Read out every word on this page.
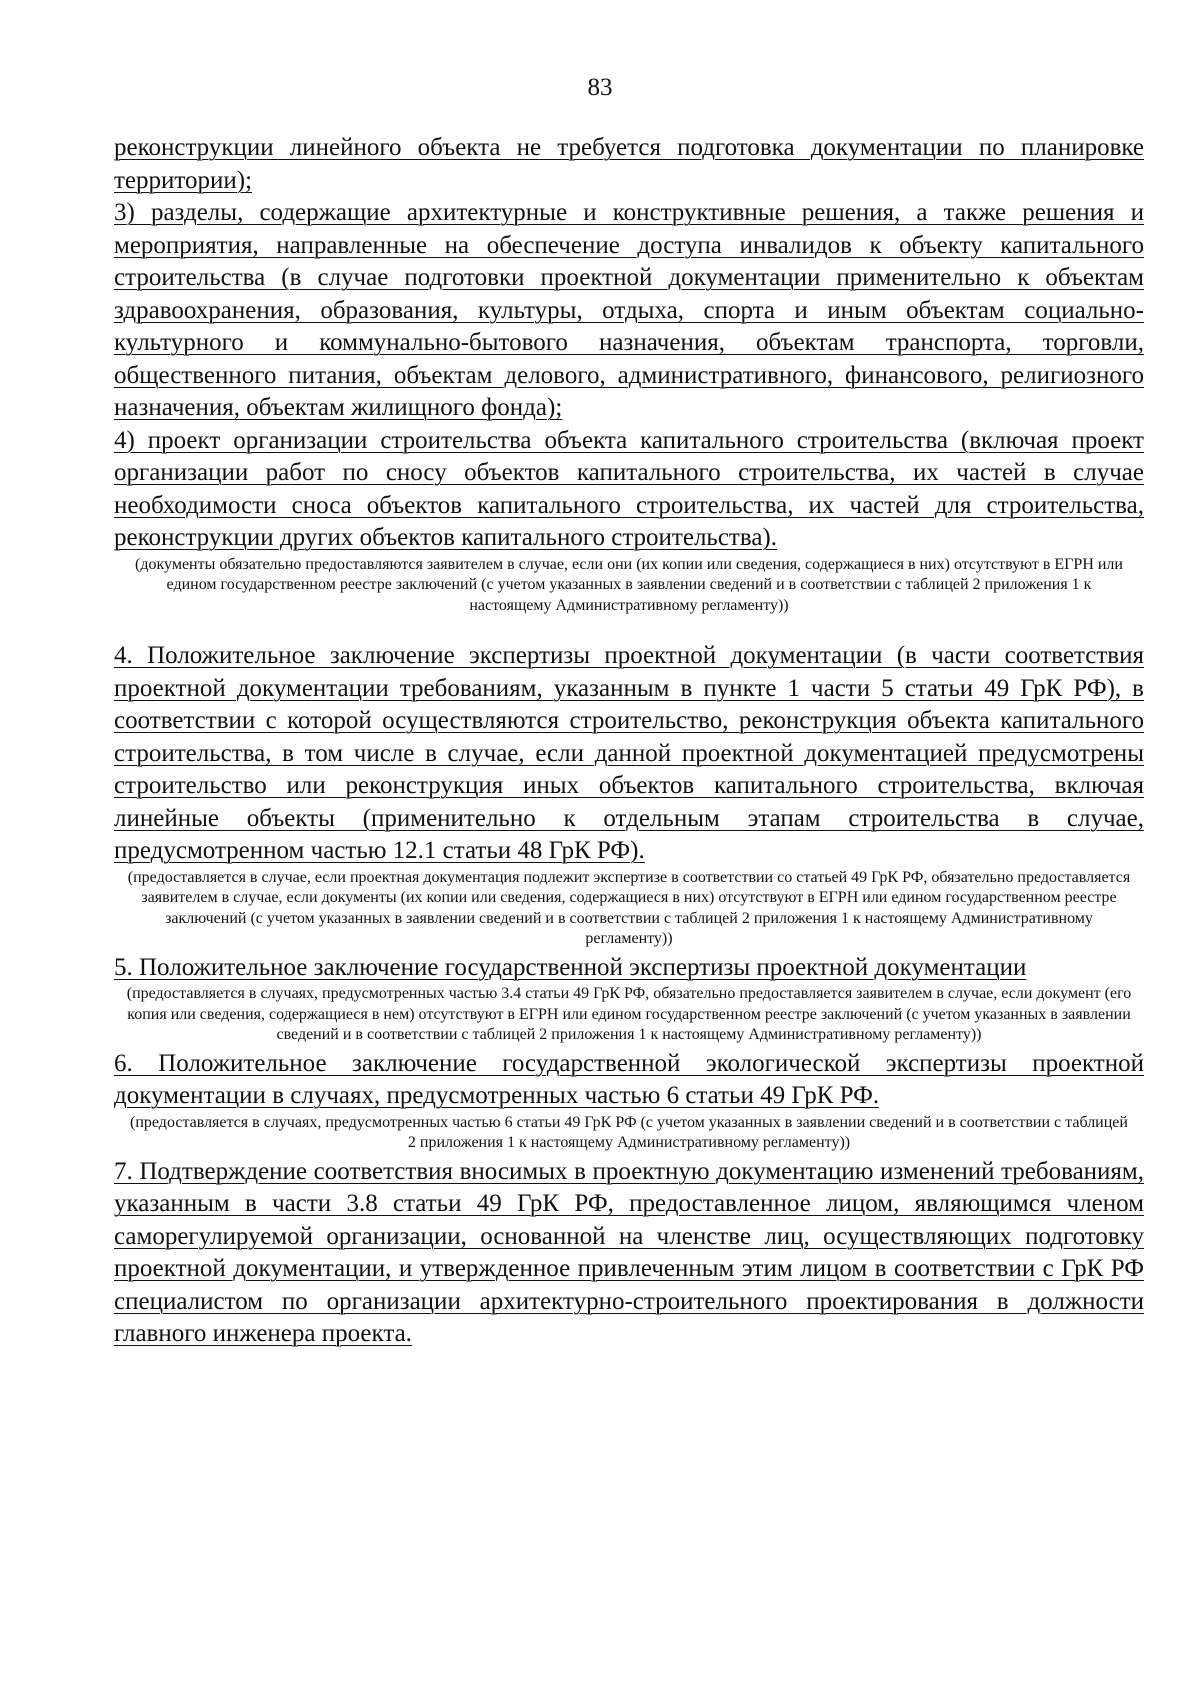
83

реконструкции линейного объекта не требуется подготовка документации по планировке территории);

3) разделы, содержащие архитектурные и конструктивные решения, а также решения и мероприятия, направленные на обеспечение доступа инвалидов к объекту капитального строительства (в случае подготовки проектной документации применительно к объектам здравоохранения, образования, культуры, отдыха, спорта и иным объектам социально-культурного и коммунально-бытового назначения, объектам транспорта, торговли, общественного питания, объектам делового, административного, финансового, религиозного назначения, объектам жилищного фонда);

4) проект организации строительства объекта капитального строительства (включая проект организации работ по сносу объектов капитального строительства, их частей в случае необходимости сноса объектов капитального строительства, их частей для строительства, реконструкции других объектов капитального строительства).

(документы обязательно предоставляются заявителем в случае, если они (их копии или сведения, содержащиеся в них) отсутствуют в ЕГРН или едином государственном реестре заключений (с учетом указанных в заявлении сведений и в соответствии с таблицей 2 приложения 1 к настоящему Административному регламенту))

4. Положительное заключение экспертизы проектной документации (в части соответствия проектной документации требованиям, указанным в пункте 1 части 5 статьи 49 ГрК РФ), в соответствии с которой осуществляются строительство, реконструкция объекта капитального строительства, в том числе в случае, если данной проектной документацией предусмотрены строительство или реконструкция иных объектов капитального строительства, включая линейные объекты (применительно к отдельным этапам строительства в случае, предусмотренном частью 12.1 статьи 48 ГрК РФ).

(предоставляется в случае, если проектная документация подлежит экспертизе в соответствии со статьей 49 ГрК РФ, обязательно предоставляется заявителем в случае, если документы (их копии или сведения, содержащиеся в них) отсутствуют в ЕГРН или едином государственном реестре заключений (с учетом указанных в заявлении сведений и в соответствии с таблицей 2 приложения 1 к настоящему Административному регламенту))

5. Положительное заключение государственной экспертизы проектной документации

(предоставляется в случаях, предусмотренных частью 3.4 статьи 49 ГрК РФ, обязательно предоставляется заявителем в случае, если документ (его копия или сведения, содержащиеся в нем) отсутствуют в ЕГРН или едином государственном реестре заключений (с учетом указанных в заявлении сведений и в соответствии с таблицей 2 приложения 1 к настоящему Административному регламенту))

6. Положительное заключение государственной экологической экспертизы проектной документации в случаях, предусмотренных частью 6 статьи 49 ГрК РФ.

(предоставляется в случаях, предусмотренных частью 6 статьи 49 ГрК РФ (с учетом указанных в заявлении сведений и в соответствии с таблицей 2 приложения 1 к настоящему Административному регламенту))

7. Подтверждение соответствия вносимых в проектную документацию изменений требованиям, указанным в части 3.8 статьи 49 ГрК РФ, предоставленное лицом, являющимся членом саморегулируемой организации, основанной на членстве лиц, осуществляющих подготовку проектной документации, и утвержденное привлеченным этим лицом в соответствии с ГрК РФ специалистом по организации архитектурно-строительного проектирования в должности главного инженера проекта.
